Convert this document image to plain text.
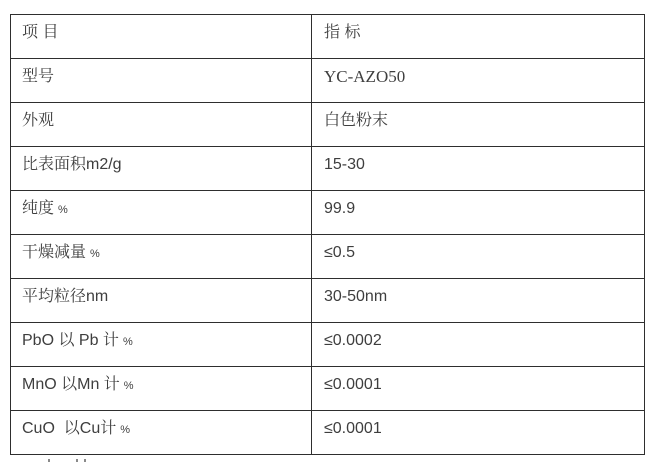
项 目	指 标
型号	YC-AZO50
外观	白色粉末
比表面积m2/g	15-30
纯度 %	99.9
干燥减量 %	≤0.5
平均粒径nm	30-50nm
PbO 以 Pb 计 %	≤0.0002
MnO 以Mn 计 %	≤0.0001
CuO  以Cu计 %	≤0.0001
